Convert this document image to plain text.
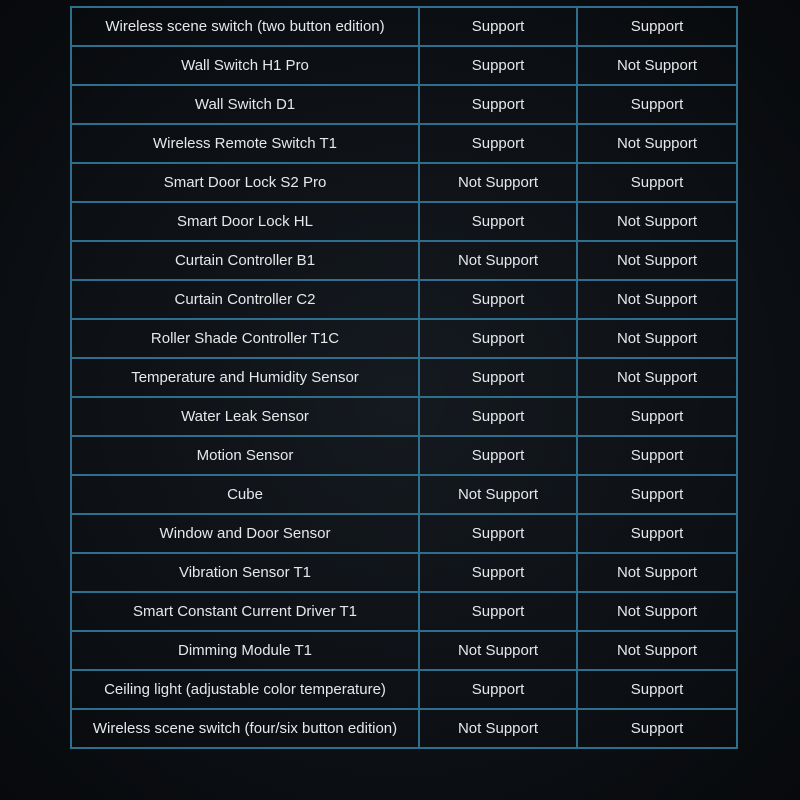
Wireless scene switch (two button edition)	Support	Support
Wall Switch H1 Pro	Support	Not Support
Wall Switch D1	Support	Support
Wireless Remote Switch T1	Support	Not Support
Smart Door Lock S2 Pro	Not Support	Support
Smart Door Lock HL	Support	Not Support
Curtain Controller B1	Not Support	Not Support
Curtain Controller C2	Support	Not Support
Roller Shade Controller T1C	Support	Not Support
Temperature and Humidity Sensor	Support	Not Support
Water Leak Sensor	Support	Support
Motion Sensor	Support	Support
Cube	Not Support	Support
Window and Door Sensor	Support	Support
Vibration Sensor T1	Support	Not Support
Smart Constant Current Driver T1	Support	Not Support
Dimming Module T1	Not Support	Not Support
Ceiling light (adjustable color temperature)	Support	Support
Wireless scene switch (four/six button edition)	Not Support	Support
